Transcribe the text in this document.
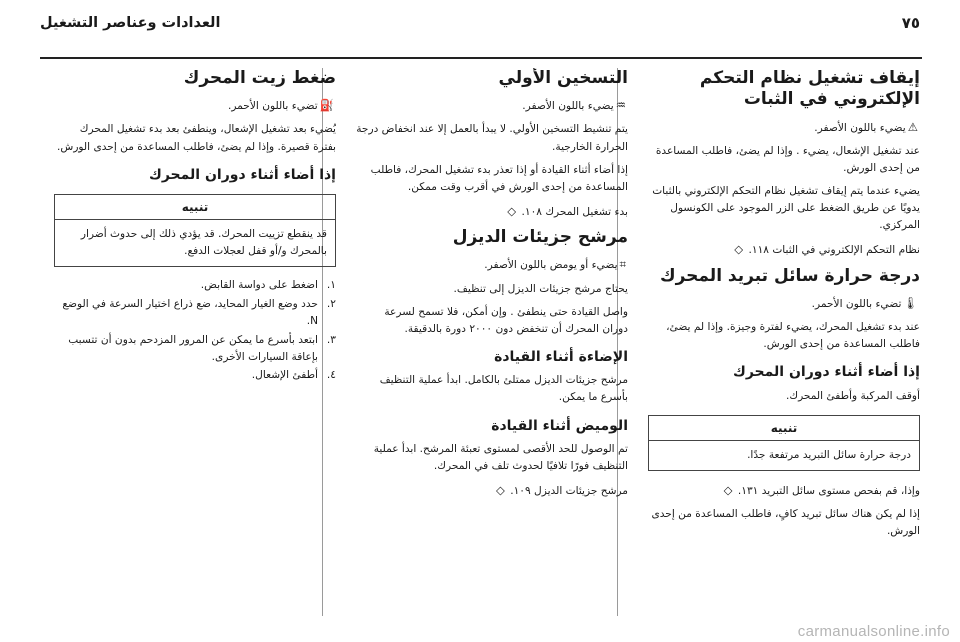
٧٥
العدادات وعناصر التشغيل
إيقاف تشغيل نظام التحكم الإلكتروني في الثبات

⚠يضيء باللون الأصفر.

عند تشغيل الإشعال، يضيء . وإذا لم يضئ، فاطلب المساعدة من إحدى الورش.

يضيء عندما يتم إيقاف تشغيل نظام التحكم الإلكتروني بالثبات يدويًا عن طريق الضغط على الزر الموجود على الكونسول المركزي.

نظام التحكم الإلكتروني في الثبات ١١٨. ◇

درجة حرارة سائل تبريد المحرك

🌡تضيء باللون الأحمر.

عند بدء تشغيل المحرك، يضيء لفترة وجيزة. وإذا لم يضئ، فاطلب المساعدة من إحدى الورش.

إذا أضاء أثناء دوران المحرك

أوقف المركبة وأطفئ المحرك.

تنبيه
درجة حرارة سائل التبريد مرتفعة جدًا.

وإذا، قم بفحص مستوى سائل التبريد ١٣١. ◇

إذا لم يكن هناك سائل تبريد كافٍ، فاطلب المساعدة من إحدى الورش.

التسخين الأولي

♒يضيء باللون الأصفر.

يتم تنشيط التسخين الأولي. لا يبدأ بالعمل إلا عند انخفاض درجة الحرارة الخارجية.

إذا أضاء أثناء القيادة أو إذا تعذر بدء تشغيل المحرك، فاطلب المساعدة من إحدى الورش في أقرب وقت ممكن.

بدء تشغيل المحرك ١٠٨. ◇

مرشح جزيئات الديزل

⌗يضيء أو يومض باللون الأصفر.

يحتاج مرشح جزيئات الديزل إلى تنظيف.

واصل القيادة حتى ينطفئ . وإن أمكن، فلا تسمح لسرعة دوران المحرك أن تنخفض دون ٢٠٠٠ دورة بالدقيقة.

الإضاءة أثناء القيادة

مرشح جزيئات الديزل ممتلئ بالكامل. ابدأ عملية التنظيف بأسرع ما يمكن.

الوميض أثناء القيادة

تم الوصول للحد الأقصى لمستوى تعبئة المرشح. ابدأ عملية التنظيف فورًا تلافيًا لحدوث تلف في المحرك.

مرشح جزيئات الديزل ١٠٩. ◇

ضغط زيت المحرك

⛽تضيء باللون الأحمر.

يُضيء بعد تشغيل الإشعال، وينطفئ بعد بدء تشغيل المحرك بفترة قصيرة. وإذا لم يضئ، فاطلب المساعدة من إحدى الورش.

إذا أضاء أثناء دوران المحرك
تنبيه
قد ينقطع تزييت المحرك. قد يؤدي ذلك إلى حدوث أضرار بالمحرك و/أو قفل لعجلات الدفع.
١.
اضغط على دواسة القابض.
٢.
حدد وضع الغيار المحايد، ضع ذراع اختيار السرعة في الوضع N.
٣.
ابتعد بأسرع ما يمكن عن المرور المزدحم بدون أن تتسبب بإعاقة السيارات الأخرى.
٤.
أطفئ الإشعال.
carmanualsonline.info
